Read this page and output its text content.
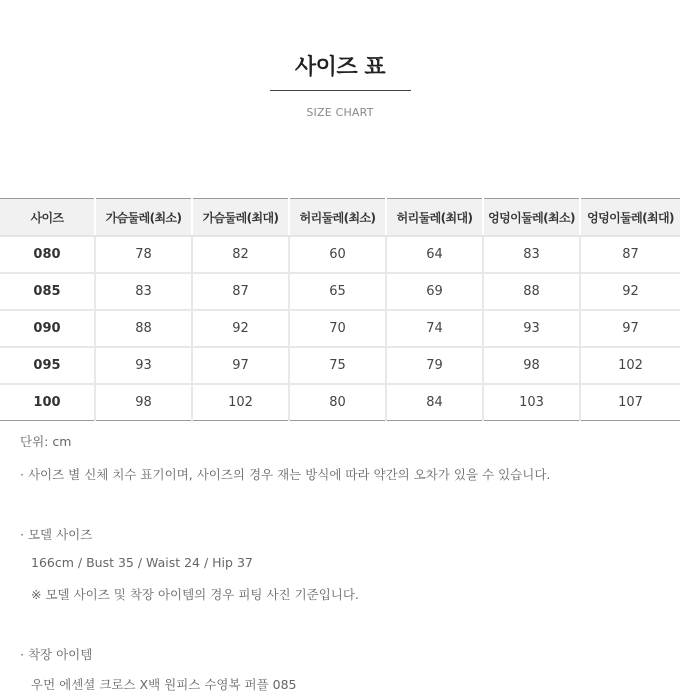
사이즈 표
SIZE CHART
사이즈	가슴둘레(최소)	가슴둘레(최대)	허리둘레(최소)	허리둘레(최대)	엉덩이둘레(최소)	엉덩이둘레(최대)
080	78	82	60	64	83	87
085	83	87	65	69	88	92
090	88	92	70	74	93	97
095	93	97	75	79	98	102
100	98	102	80	84	103	107
단위: cm
· 사이즈 별 신체 치수 표기이며, 사이즈의 경우 재는 방식에 따라 약간의 오차가 있을 수 있습니다.
· 모델 사이즈
166cm / Bust 35 / Waist 24 / Hip 37
※ 모델 사이즈 및 착장 아이템의 경우 피팅 사진 기준입니다.
· 착장 아이템
우먼 에센셜 크로스 X백 원피스 수영복 퍼플 085
